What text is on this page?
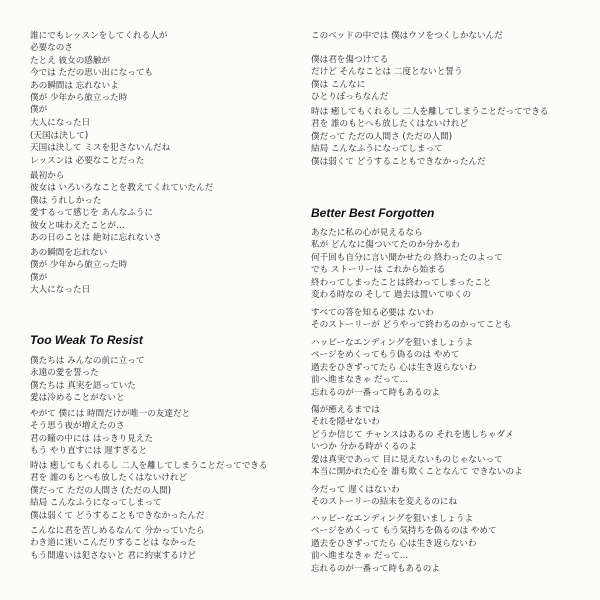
誰にでもレッスンをしてくれる人が
必要なのさ
たとえ 彼女の感触が
今では ただの思い出になっても
あの瞬間は 忘れないよ
僕が 少年から旅立った時
僕が
大人になった日
(天国は決して)
天国は決して ミスを犯さないんだね
レッスンは 必要なことだった
最初から
彼女は いろいろなことを教えてくれていたんだ
僕は うれしかった
愛するって感じを あんなふうに
彼女と味わえたことが…
あの日のことは 絶対に忘れないさ
あの瞬間を忘れない
僕が 少年から旅立った時
僕が
大人になった日
Too Weak To Resist
僕たちは みんなの前に立って
永遠の愛を誓った
僕たちは 真実を語っていた
愛は冷めることがないと
やがて 僕には 時間だけが唯一の友達だと
そう思う夜が増えたのさ
君の瞳の中には はっきり見えた
もう やり直すには 遅すぎると
時は 癒してもくれるし 二人を離してしまうことだってできる
君を 誰のもとへも放したくはないけれど
僕だって ただの人間さ (ただの人間)
結局 こんなふうになってしまって
僕は弱くて どうすることもできなかったんだ
こんなに君を苦しめるなんて 分かっていたら
わき道に迷いこんだりすることは なかった
もう間違いは犯さないと 君に約束するけど
このベッドの中では 僕はウソをつくしかないんだ
僕は君を傷つけてる
だけど そんなことは 二度とないと誓う
僕は こんなに
ひとりぼっちなんだ
時は 癒してもくれるし 二人を離してしまうことだってできる
君を 誰のもとへも放したくはないけれど
僕だって ただの人間さ (ただの人間)
結局 こんなふうになってしまって
僕は弱くて どうすることもできなかったんだ
Better Best Forgotten
あなたに私の心が見えるなら
私が どんなに傷ついてたのか分かるわ
何千回も自分に言い聞かせたの 終わったのよって
でも ストーリーは これから始まる
終わってしまったことは終わってしまったこと
変わる時なの そして 過去は置いてゆくの
すべての答を知る必要は ないわ
そのストーリーが どうやって終わるのかってことも
ハッピーなエンディングを狙いましょうよ
ページをめくってもう偽るのは やめて
過去をひきずってたら 心は生き返らないわ
前へ進まなきゃ だって…
忘れるのが一番って時もあるのよ
傷が癒えるまでは
それを隠せないわ
どうか信じて チャンスはあるの それを逃しちゃダメ
いつか 分かる時がくるのよ
愛は真実であって 目に見えないものじゃないって
本当に開かれた心を 誰も欺くことなんて できないのよ
今だって 遅くはないわ
そのストーリーの結末を変えるのにね
ハッピーなエンディングを狙いましょうよ
ページをめくって もう気持ちを偽るのは やめて
過去をひきずってたら 心は生き返らないわ
前へ進まなきゃ だって…
忘れるのが一番って時もあるのよ
